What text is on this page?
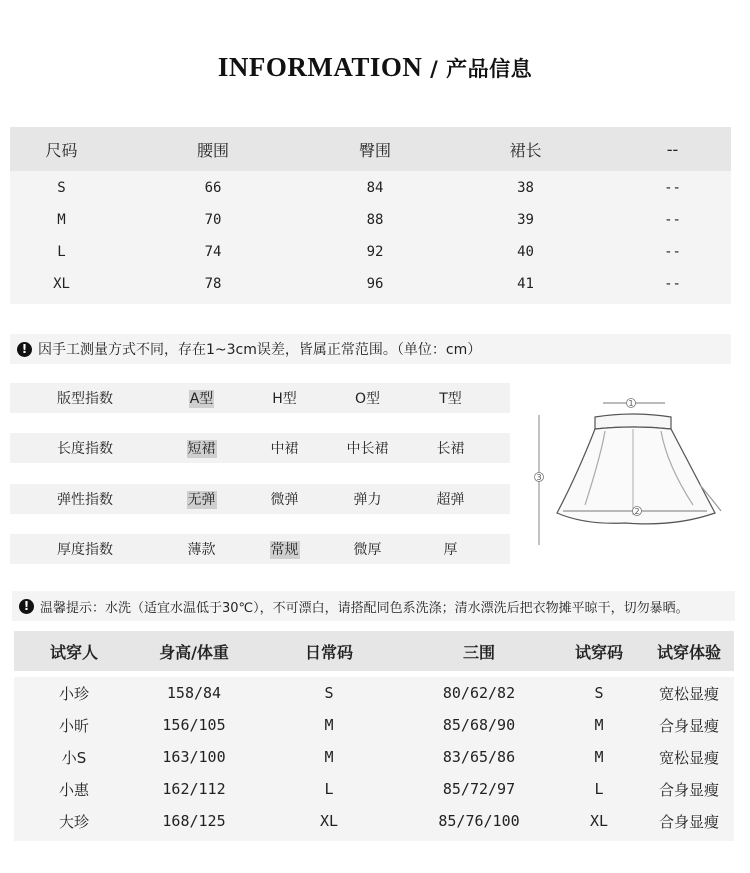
INFORMATION / 产品信息
尺码	腰围	臀围	裙长	--
S	66	84	38	--
M	70	88	39	--
L	74	92	40	--
XL	78	96	41	--
! 因手工测量方式不同，存在1~3cm误差，皆属正常范围。（单位：cm）
版型指数	A型	H型	O型	T型
长度指数	短裙	中裙	中长裙	长裙
弹性指数	无弹	微弹	弹力	超弹
厚度指数	薄款	常规	微厚	厚
1
2
3
! 温馨提示：水洗（适宜水温低于30℃），不可漂白，请搭配同色系洗涤；清水漂洗后把衣物摊平晾干，切勿暴晒。
试穿人	身高/体重	日常码	三围	试穿码	试穿体验
小珍	158/84	S	80/62/82	S	宽松显瘦
小昕	156/105	M	85/68/90	M	合身显瘦
小S	163/100	M	83/65/86	M	宽松显瘦
小惠	162/112	L	85/72/97	L	合身显瘦
大珍	168/125	XL	85/76/100	XL	合身显瘦
